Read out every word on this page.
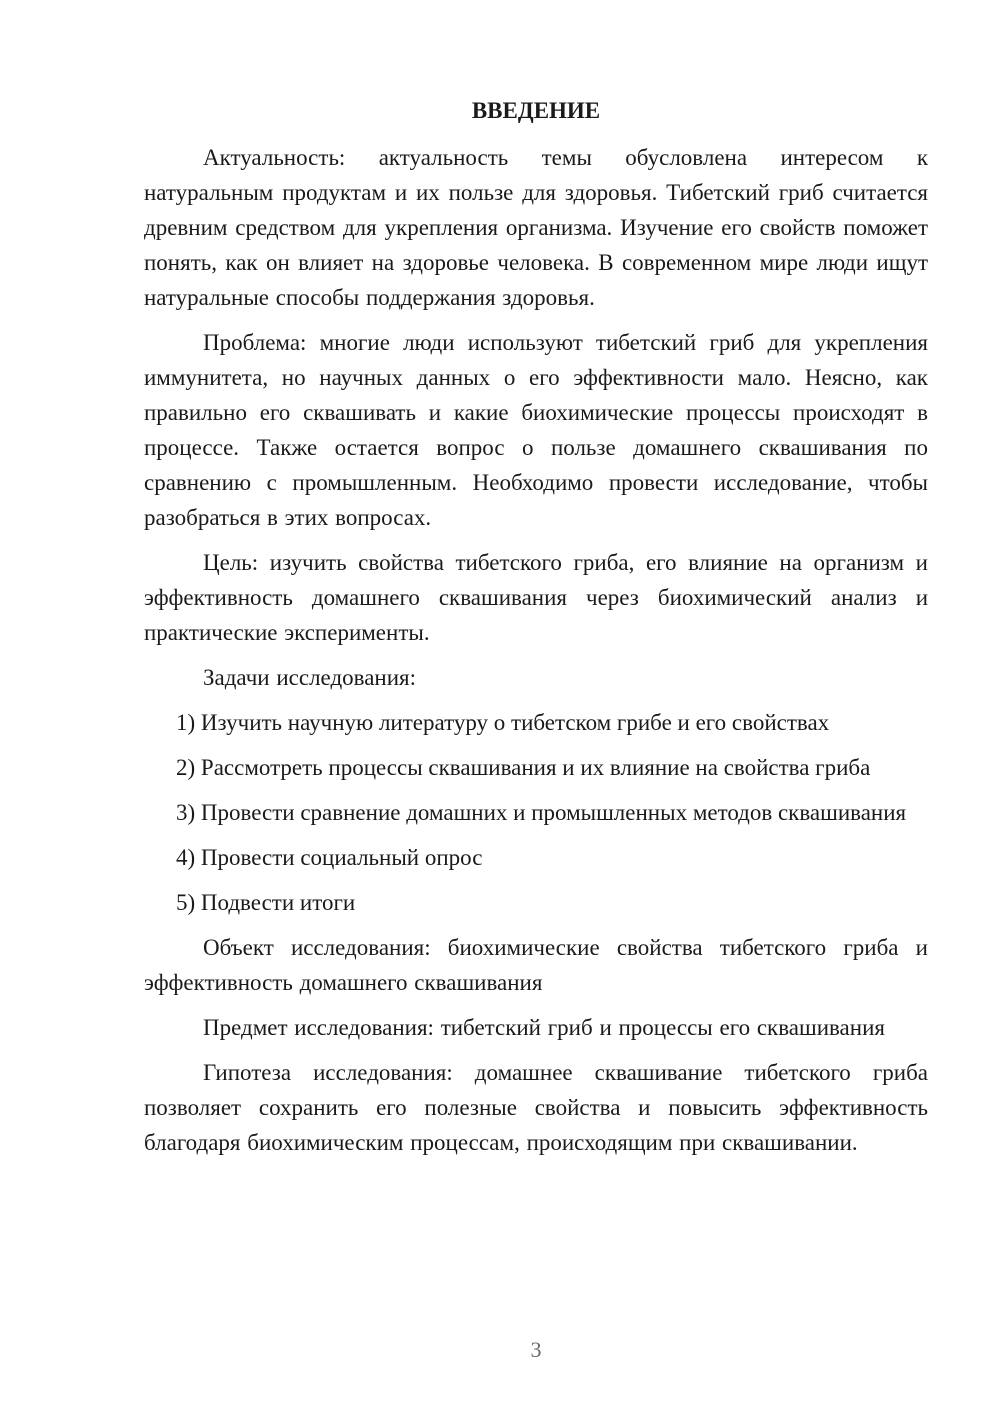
ВВЕДЕНИЕ

Актуальность: актуальность темы обусловлена интересом к натуральным продуктам и их пользе для здоровья. Тибетский гриб считается древним средством для укрепления организма. Изучение его свойств поможет понять, как он влияет на здоровье человека. В современном мире люди ищут натуральные способы поддержания здоровья.

Проблема: многие люди используют тибетский гриб для укрепления иммунитета, но научных данных о его эффективности мало. Неясно, как правильно его сквашивать и какие биохимические процессы происходят в процессе. Также остается вопрос о пользе домашнего сквашивания по сравнению с промышленным. Необходимо провести исследование, чтобы разобраться в этих вопросах.

Цель: изучить свойства тибетского гриба, его влияние на организм и эффективность домашнего сквашивания через биохимический анализ и практические эксперименты.

Задачи исследования:

1) Изучить научную литературу о тибетском грибе и его свойствах

2) Рассмотреть процессы сквашивания и их влияние на свойства гриба

3) Провести сравнение домашних и промышленных методов сквашивания

4) Провести социальный опрос

5) Подвести итоги

Объект исследования: биохимические свойства тибетского гриба и эффективность домашнего сквашивания

Предмет исследования: тибетский гриб и процессы его сквашивания

Гипотеза исследования: домашнее сквашивание тибетского гриба позволяет сохранить его полезные свойства и повысить эффективность благодаря биохимическим процессам, происходящим при сквашивании.

3
